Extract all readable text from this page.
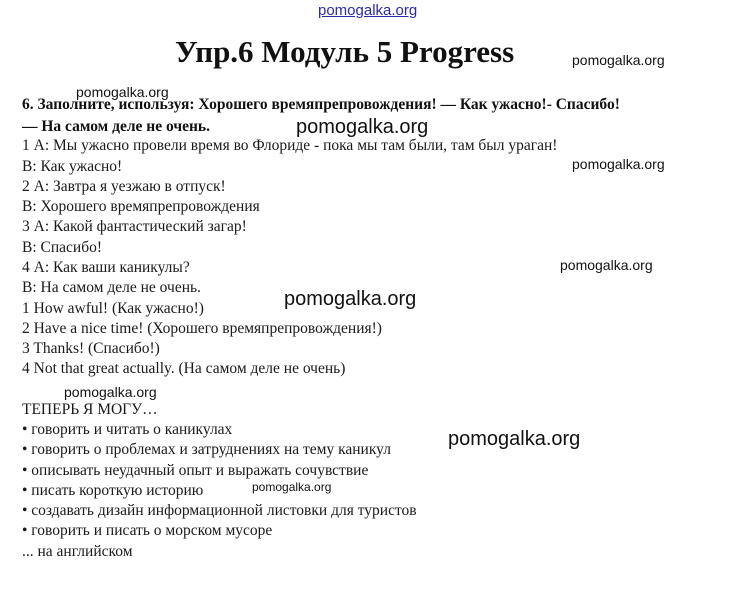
pomogalka.org
Упр.6 Модуль 5 Progress	pomogalka.org
pomogalka.org
6. Заполните, используя: Хорошего времяпрепровождения! — Как ужасно!- Спасибо!
— На самом деле не очень.	pomogalka.org
1 А: Мы ужасно провели время во Флориде - пока мы там были, там был ураган!
В: Как ужасно!	pomogalka.org
2 А: Завтра я уезжаю в отпуск!
В: Хорошего времяпрепровождения
3 А: Какой фантастический загар!
В: Спасибо!
4 А: Как ваши каникулы?	pomogalka.org
В: На самом деле не очень.
pomogalka.org
1 How awful! (Как ужасно!)
2 Have a nice time! (Хорошего времяпрепровождения!)
3 Thanks! (Спасибо!)
4 Not that great actually. (На самом деле не очень)
pomogalka.org
ТЕПЕРЬ Я МОГУ…
• говорить и читать о каникулах
• говорить о проблемах и затруднениях на тему каникул	pomogalka.org
• описывать неудачный опыт и выражать сочувствие
• писать короткую историю	pomogalka.org
• создавать дизайн информационной листовки для туристов
• говорить и писать о морском мусоре
... на английском
